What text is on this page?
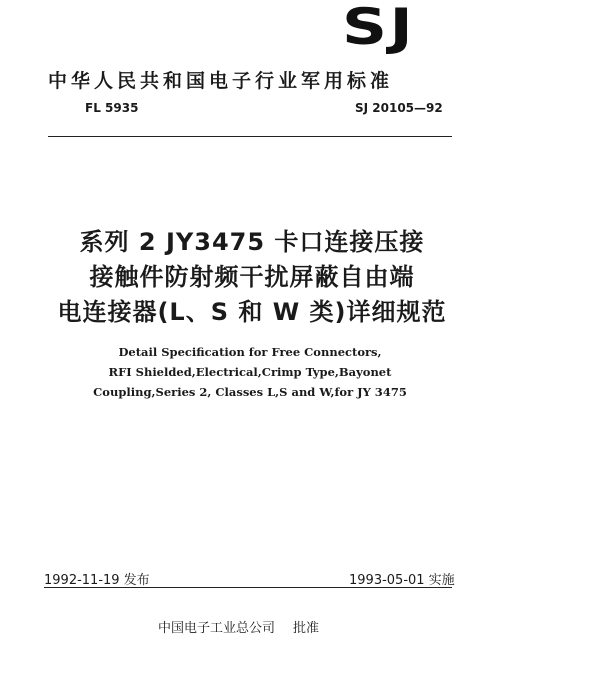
SJ
中华人民共和国电子行业军用标准
FL 5935	SJ 20105—92
系列 2 JY3475 卡口连接压接
接触件防射频干扰屏蔽自由端
电连接器(L、S 和 W 类)详细规范
Detail Specification for Free Connectors,
RFI Shielded,Electrical,Crimp Type,Bayonet
Coupling,Series 2, Classes L,S and W,for JY 3475
1992-11-19 发布	1993-05-01 实施
中国电子工业总公司 批准
